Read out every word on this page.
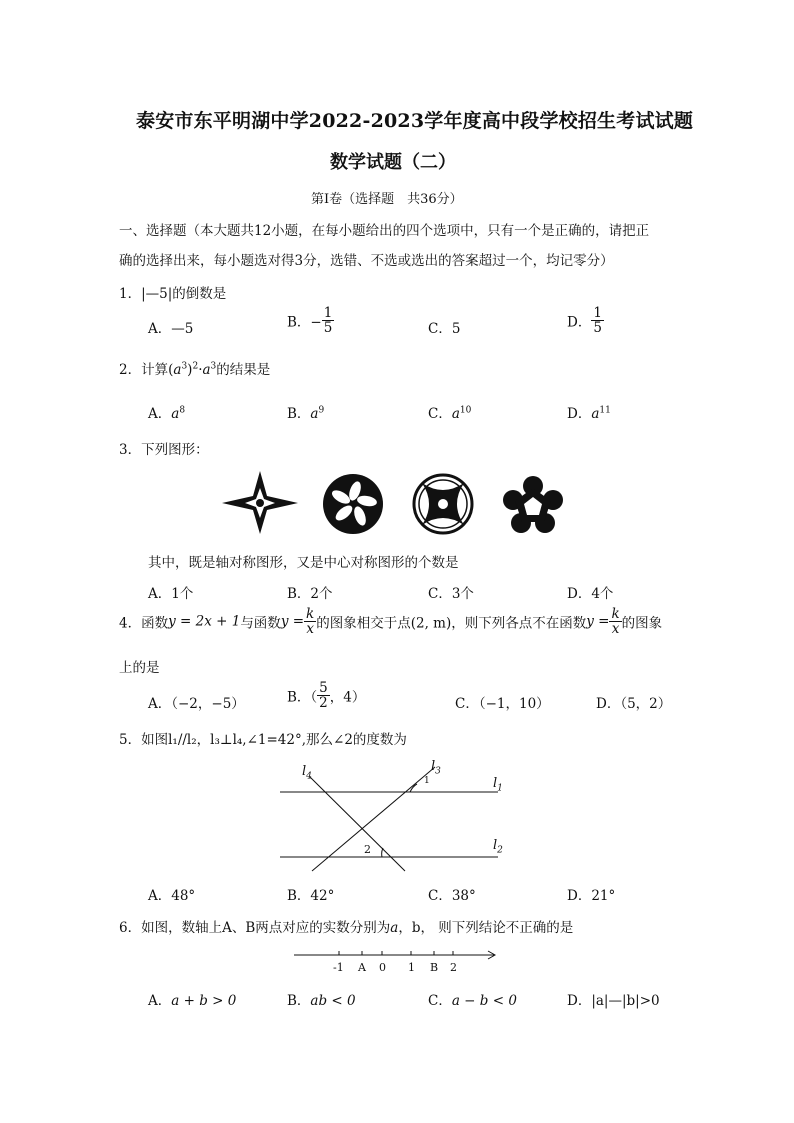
泰安市东平明湖中学2022-2023学年度高中段学校招生考试试题
数学试题（二）
第Ⅰ卷（选择题　共36分）
一、选择题（本大题共12小题，在每小题给出的四个选项中，只有一个是正确的，请把正
确的选择出来，每小题选对得3分，选错、不选或选出的答案超过一个，均记零分）
1．|—5|的倒数是
A．—5	B．− $\frac{1}{5}$	C．5	D． $\frac{1}{5}$
2．计算$(a^3)^2\cdot a^3$的结果是
A．$a^8$	B．$a^9$	C．$a^{10}$	D．$a^{11}$
3．下列图形：
其中，既是轴对称图形，又是中心对称图形的个数是
A．1个	B．2个	C．3个	D．4个
4．函数y = 2x + 1与函数$y = \frac{k}{x}$ 的图象相交于点(2, m)，则下列各点不在函数$y = \frac{k}{x}$ 的图象
上的是
A．（−2，−5）	B．（ $\frac{5}{2}$ ，4）	C．（−1，10）	D．（5，2）
5．如图l₁//l₂，l₃⊥l₄,∠1=42°,那么∠2的度数为
$l_4$
$l_3$
$l_1$
$l_2$
1
2
A．48°	B．42°	C．38°	D．21°
6．如图，数轴上A、B两点对应的实数分别为a，b， 则下列结论不正确的是
-1 A 0 1 B 2
A．a + b > 0	B．ab < 0	C．a − b < 0	D．|a|—|b|>0
